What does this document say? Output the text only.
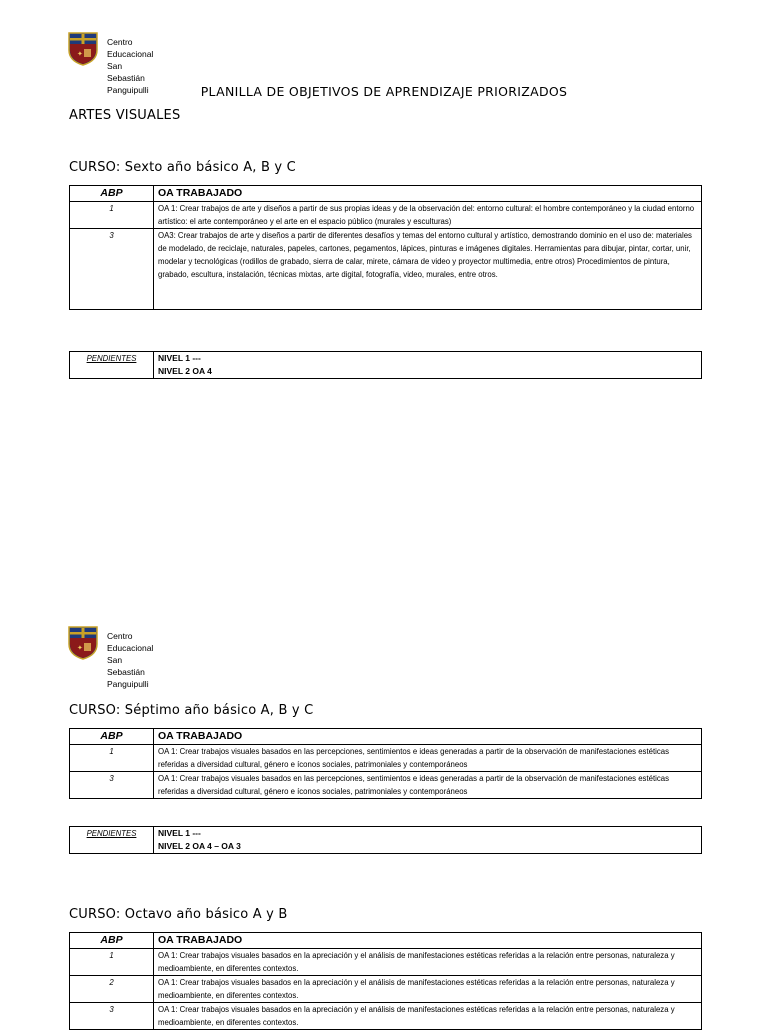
✦
Centro Educacional San Sebastián
Panguipulli	PLANILLA DE OBJETIVOS DE APRENDIZAJE PRIORIZADOS
ARTES VISUALES
CURSO: Sexto año básico A, B y C
ABP	OA TRABAJADO
1	OA 1: Crear trabajos de arte y diseños a partir de sus propias ideas y de la observación del: entorno cultural: el hombre contemporáneo y la ciudad entorno artístico: el arte contemporáneo y el arte en el espacio público (murales y esculturas)
3	OA3: Crear trabajos de arte y diseños a partir de diferentes desafíos y temas del entorno cultural y artístico, demostrando dominio en el uso de: materiales de modelado, de reciclaje, naturales, papeles, cartones, pegamentos, lápices, pinturas e imágenes digitales. Herramientas para dibujar, pintar, cortar, unir, modelar y tecnológicas (rodillos de grabado, sierra de calar, mirete, cámara de video y proyector multimedia, entre otros) Procedimientos de pintura, grabado, escultura, instalación, técnicas mixtas, arte digital, fotografía, video, murales, entre otros.
PENDIENTES	NIVEL 1 ---
NIVEL 2 OA 4
✦
Centro Educacional San Sebastián
Panguipulli
CURSO: Séptimo año básico A, B y C
ABP	OA TRABAJADO
1	OA 1: Crear trabajos visuales basados en las percepciones, sentimientos e ideas generadas a partir de la observación de manifestaciones estéticas referidas a diversidad cultural, género e íconos sociales, patrimoniales y contemporáneos
3	OA 1: Crear trabajos visuales basados en las percepciones, sentimientos e ideas generadas a partir de la observación de manifestaciones estéticas referidas a diversidad cultural, género e íconos sociales, patrimoniales y contemporáneos
PENDIENTES	NIVEL 1 ---
NIVEL 2 OA 4 – OA 3
CURSO: Octavo año básico A y B
ABP	OA TRABAJADO
1	OA 1: Crear trabajos visuales basados en la apreciación y el análisis de manifestaciones estéticas referidas a la relación entre personas, naturaleza y medioambiente, en diferentes contextos.
2	OA 1: Crear trabajos visuales basados en la apreciación y el análisis de manifestaciones estéticas referidas a la relación entre personas, naturaleza y medioambiente, en diferentes contextos.
3	OA 1: Crear trabajos visuales basados en la apreciación y el análisis de manifestaciones estéticas referidas a la relación entre personas, naturaleza y medioambiente, en diferentes contextos.
